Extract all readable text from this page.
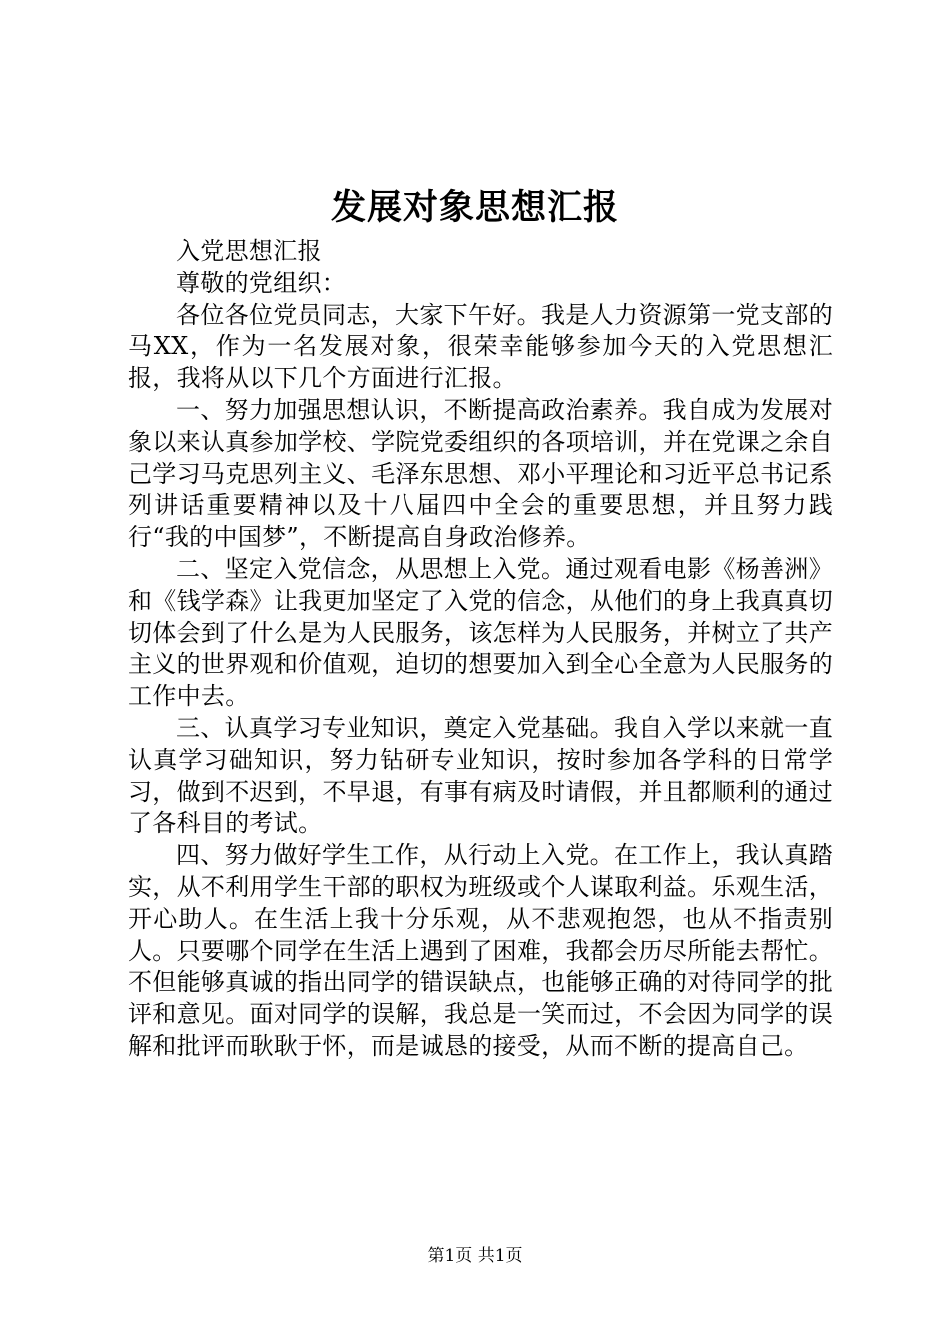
发展对象思想汇报

入党思想汇报

尊敬的党组织：

各位各位党员同志，大家下午好。我是人力资源第一党支部的马XX，作为一名发展对象，很荣幸能够参加今天的入党思想汇报，我将从以下几个方面进行汇报。

一、努力加强思想认识，不断提高政治素养。我自成为发展对象以来认真参加学校、学院党委组织的各项培训，并在党课之余自己学习马克思列主义、毛泽东思想、邓小平理论和习近平总书记系列讲话重要精神以及十八届四中全会的重要思想，并且努力践行“我的中国梦”，不断提高自身政治修养。

二、坚定入党信念，从思想上入党。通过观看电影《杨善洲》和《钱学森》让我更加坚定了入党的信念，从他们的身上我真真切切体会到了什么是为人民服务，该怎样为人民服务，并树立了共产主义的世界观和价值观，迫切的想要加入到全心全意为人民服务的工作中去。

三、认真学习专业知识，奠定入党基础。我自入学以来就一直认真学习础知识，努力钻研专业知识，按时参加各学科的日常学习，做到不迟到，不早退，有事有病及时请假，并且都顺利的通过了各科目的考试。

四、努力做好学生工作，从行动上入党。在工作上，我认真踏实，从不利用学生干部的职权为班级或个人谋取利益。乐观生活，开心助人。在生活上我十分乐观，从不悲观抱怨，也从不指责别人。只要哪个同学在生活上遇到了困难，我都会历尽所能去帮忙。不但能够真诚的指出同学的错误缺点，也能够正确的对待同学的批评和意见。面对同学的误解，我总是一笑而过，不会因为同学的误解和批评而耿耿于怀，而是诚恳的接受，从而不断的提高自己。

第1页 共1页
